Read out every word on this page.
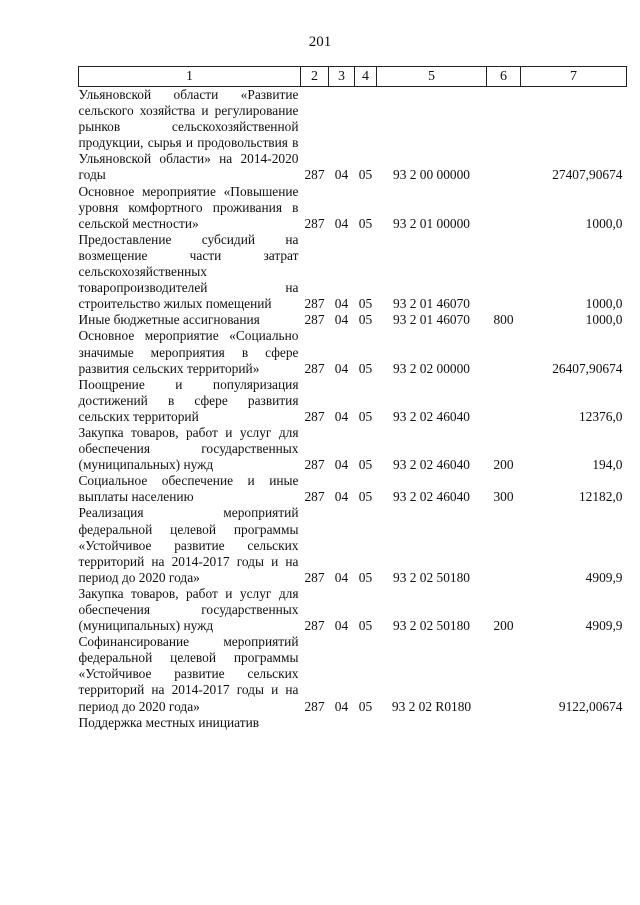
201
1	2	3	4	5	6	7
Ульяновской области «Развитие сельского хозяйства и регулирование рынков сельскохозяйственной продукции, сырья и продовольствия в Ульяновской области» на 2014-2020 годы	287	04	05	93 2 00 00000		27407,90674
Основное мероприятие «Повышение уровня комфортного проживания в сельской местности»	287	04	05	93 2 01 00000		1000,0
Предоставление субсидий на возмещение части затрат сельскохозяйственных товаропроизводителей на строительство жилых помещений	287	04	05	93 2 01 46070		1000,0
Иные бюджетные ассигнования	287	04	05	93 2 01 46070	800	1000,0
Основное мероприятие «Социально значимые мероприятия в сфере развития сельских территорий»	287	04	05	93 2 02 00000		26407,90674
Поощрение и популяризация достижений в сфере развития сельских территорий	287	04	05	93 2 02 46040		12376,0
Закупка товаров, работ и услуг для обеспечения государственных (муниципальных) нужд	287	04	05	93 2 02 46040	200	194,0
Социальное обеспечение и иные выплаты населению	287	04	05	93 2 02 46040	300	12182,0
Реализация мероприятий федеральной целевой программы «Устойчивое развитие сельских территорий на 2014-2017 годы и на период до 2020 года»	287	04	05	93 2 02 50180		4909,9
Закупка товаров, работ и услуг для обеспечения государственных (муниципальных) нужд	287	04	05	93 2 02 50180	200	4909,9
Софинансирование мероприятий федеральной целевой программы «Устойчивое развитие сельских территорий на 2014-2017 годы и на период до 2020 года»	287	04	05	93 2 02 R0180		9122,00674
Поддержка местных инициатив						
